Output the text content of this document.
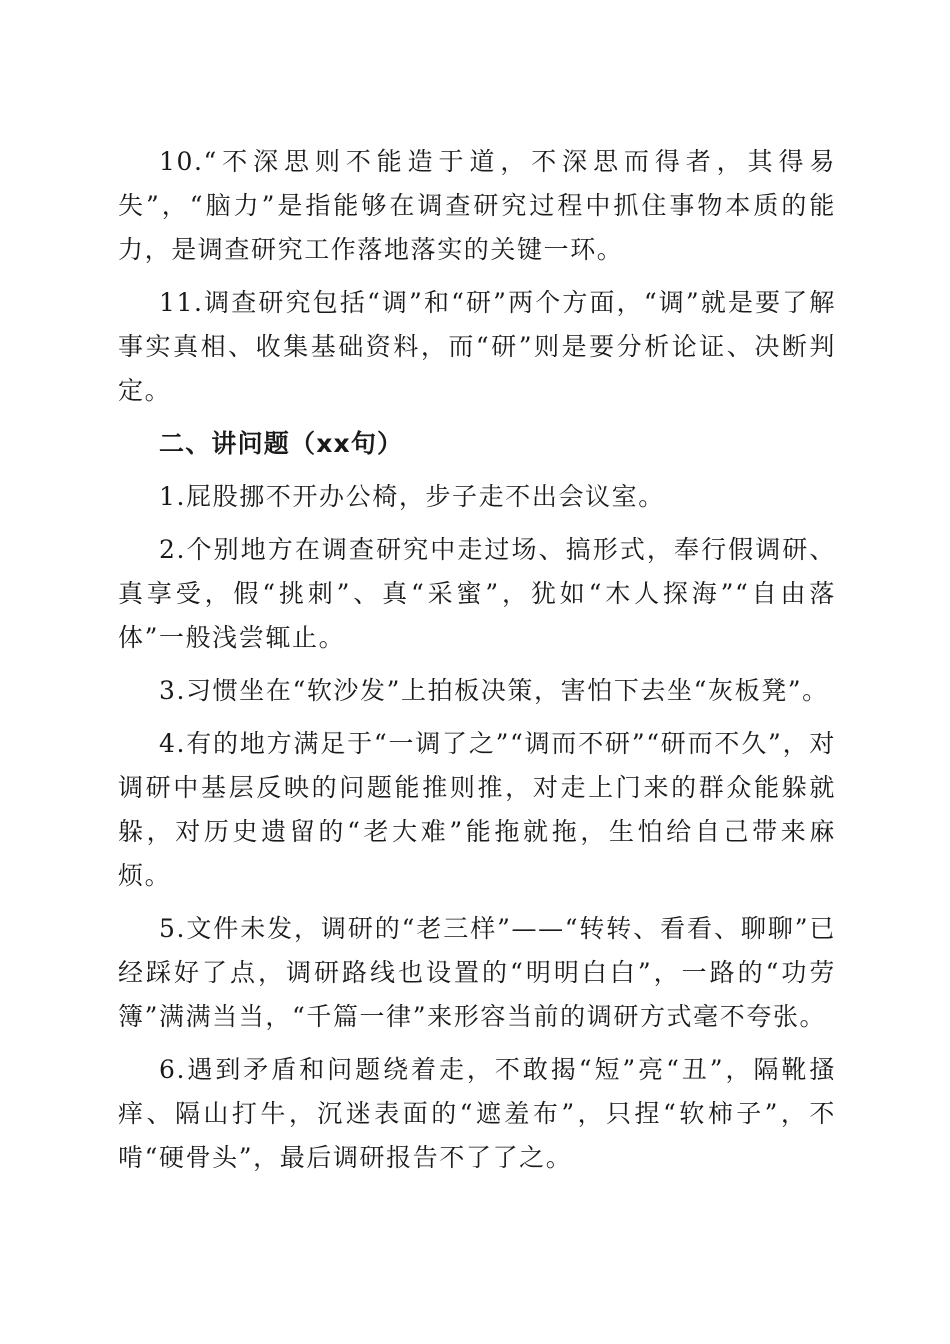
10.“不深思则不能造于道，不深思而得者，其得易失”，“脑力”是指能够在调查研究过程中抓住事物本质的能力，是调查研究工作落地落实的关键一环。

11.调查研究包括“调”和“研”两个方面，“调”就是要了解事实真相、收集基础资料，而“研”则是要分析论证、决断判定。

二、讲问题（xx句）

1.屁股挪不开办公椅，步子走不出会议室。

2.个别地方在调查研究中走过场、搞形式，奉行假调研、真享受，假“挑刺”、真“采蜜”，犹如“木人探海”“自由落体”一般浅尝辄止。

3.习惯坐在“软沙发”上拍板决策，害怕下去坐“灰板凳”。

4.有的地方满足于“一调了之”“调而不研”“研而不久”，对调研中基层反映的问题能推则推，对走上门来的群众能躲就躲，对历史遗留的“老大难”能拖就拖，生怕给自己带来麻烦。

5.文件未发，调研的“老三样”——“转转、看看、聊聊”已经踩好了点，调研路线也设置的“明明白白”，一路的“功劳簿”满满当当，“千篇一律”来形容当前的调研方式毫不夸张。

6.遇到矛盾和问题绕着走，不敢揭“短”亮“丑”，隔靴搔痒、隔山打牛，沉迷表面的“遮羞布”，只捏“软柿子”，不啃“硬骨头”，最后调研报告不了了之。
